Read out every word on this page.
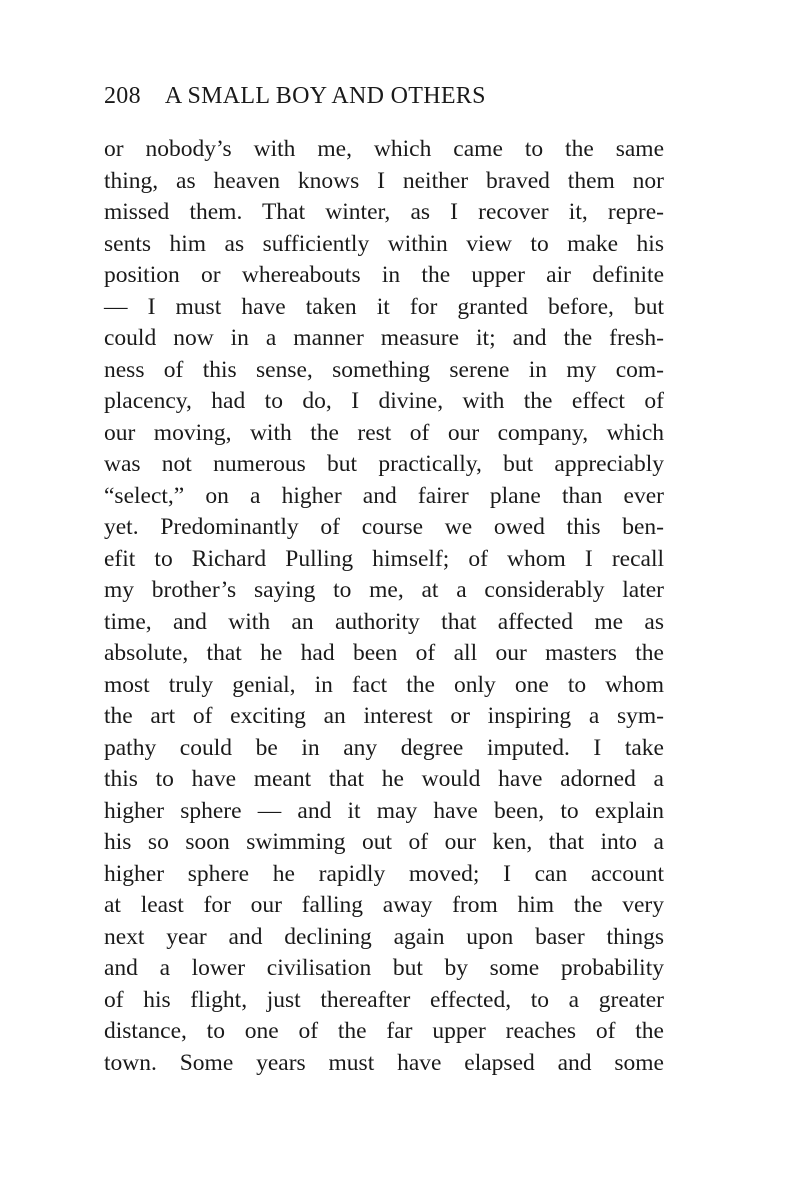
208 A SMALL BOY AND OTHERS
or nobody’s with me, which came to the same
thing, as heaven knows I neither braved them nor
missed them. That winter, as I recover it, repre-
sents him as sufficiently within view to make his
position or whereabouts in the upper air definite
— I must have taken it for granted before, but
could now in a manner measure it; and the fresh-
ness of this sense, something serene in my com-
placency, had to do, I divine, with the effect of
our moving, with the rest of our company, which
was not numerous but practically, but appreciably
“select,” on a higher and fairer plane than ever
yet. Predominantly of course we owed this ben-
efit to Richard Pulling himself; of whom I recall
my brother’s saying to me, at a considerably later
time, and with an authority that affected me as
absolute, that he had been of all our masters the
most truly genial, in fact the only one to whom
the art of exciting an interest or inspiring a sym-
pathy could be in any degree imputed. I take
this to have meant that he would have adorned a
higher sphere — and it may have been, to explain
his so soon swimming out of our ken, that into a
higher sphere he rapidly moved; I can account
at least for our falling away from him the very
next year and declining again upon baser things
and a lower civilisation but by some probability
of his flight, just thereafter effected, to a greater
distance, to one of the far upper reaches of the
town. Some years must have elapsed and some
